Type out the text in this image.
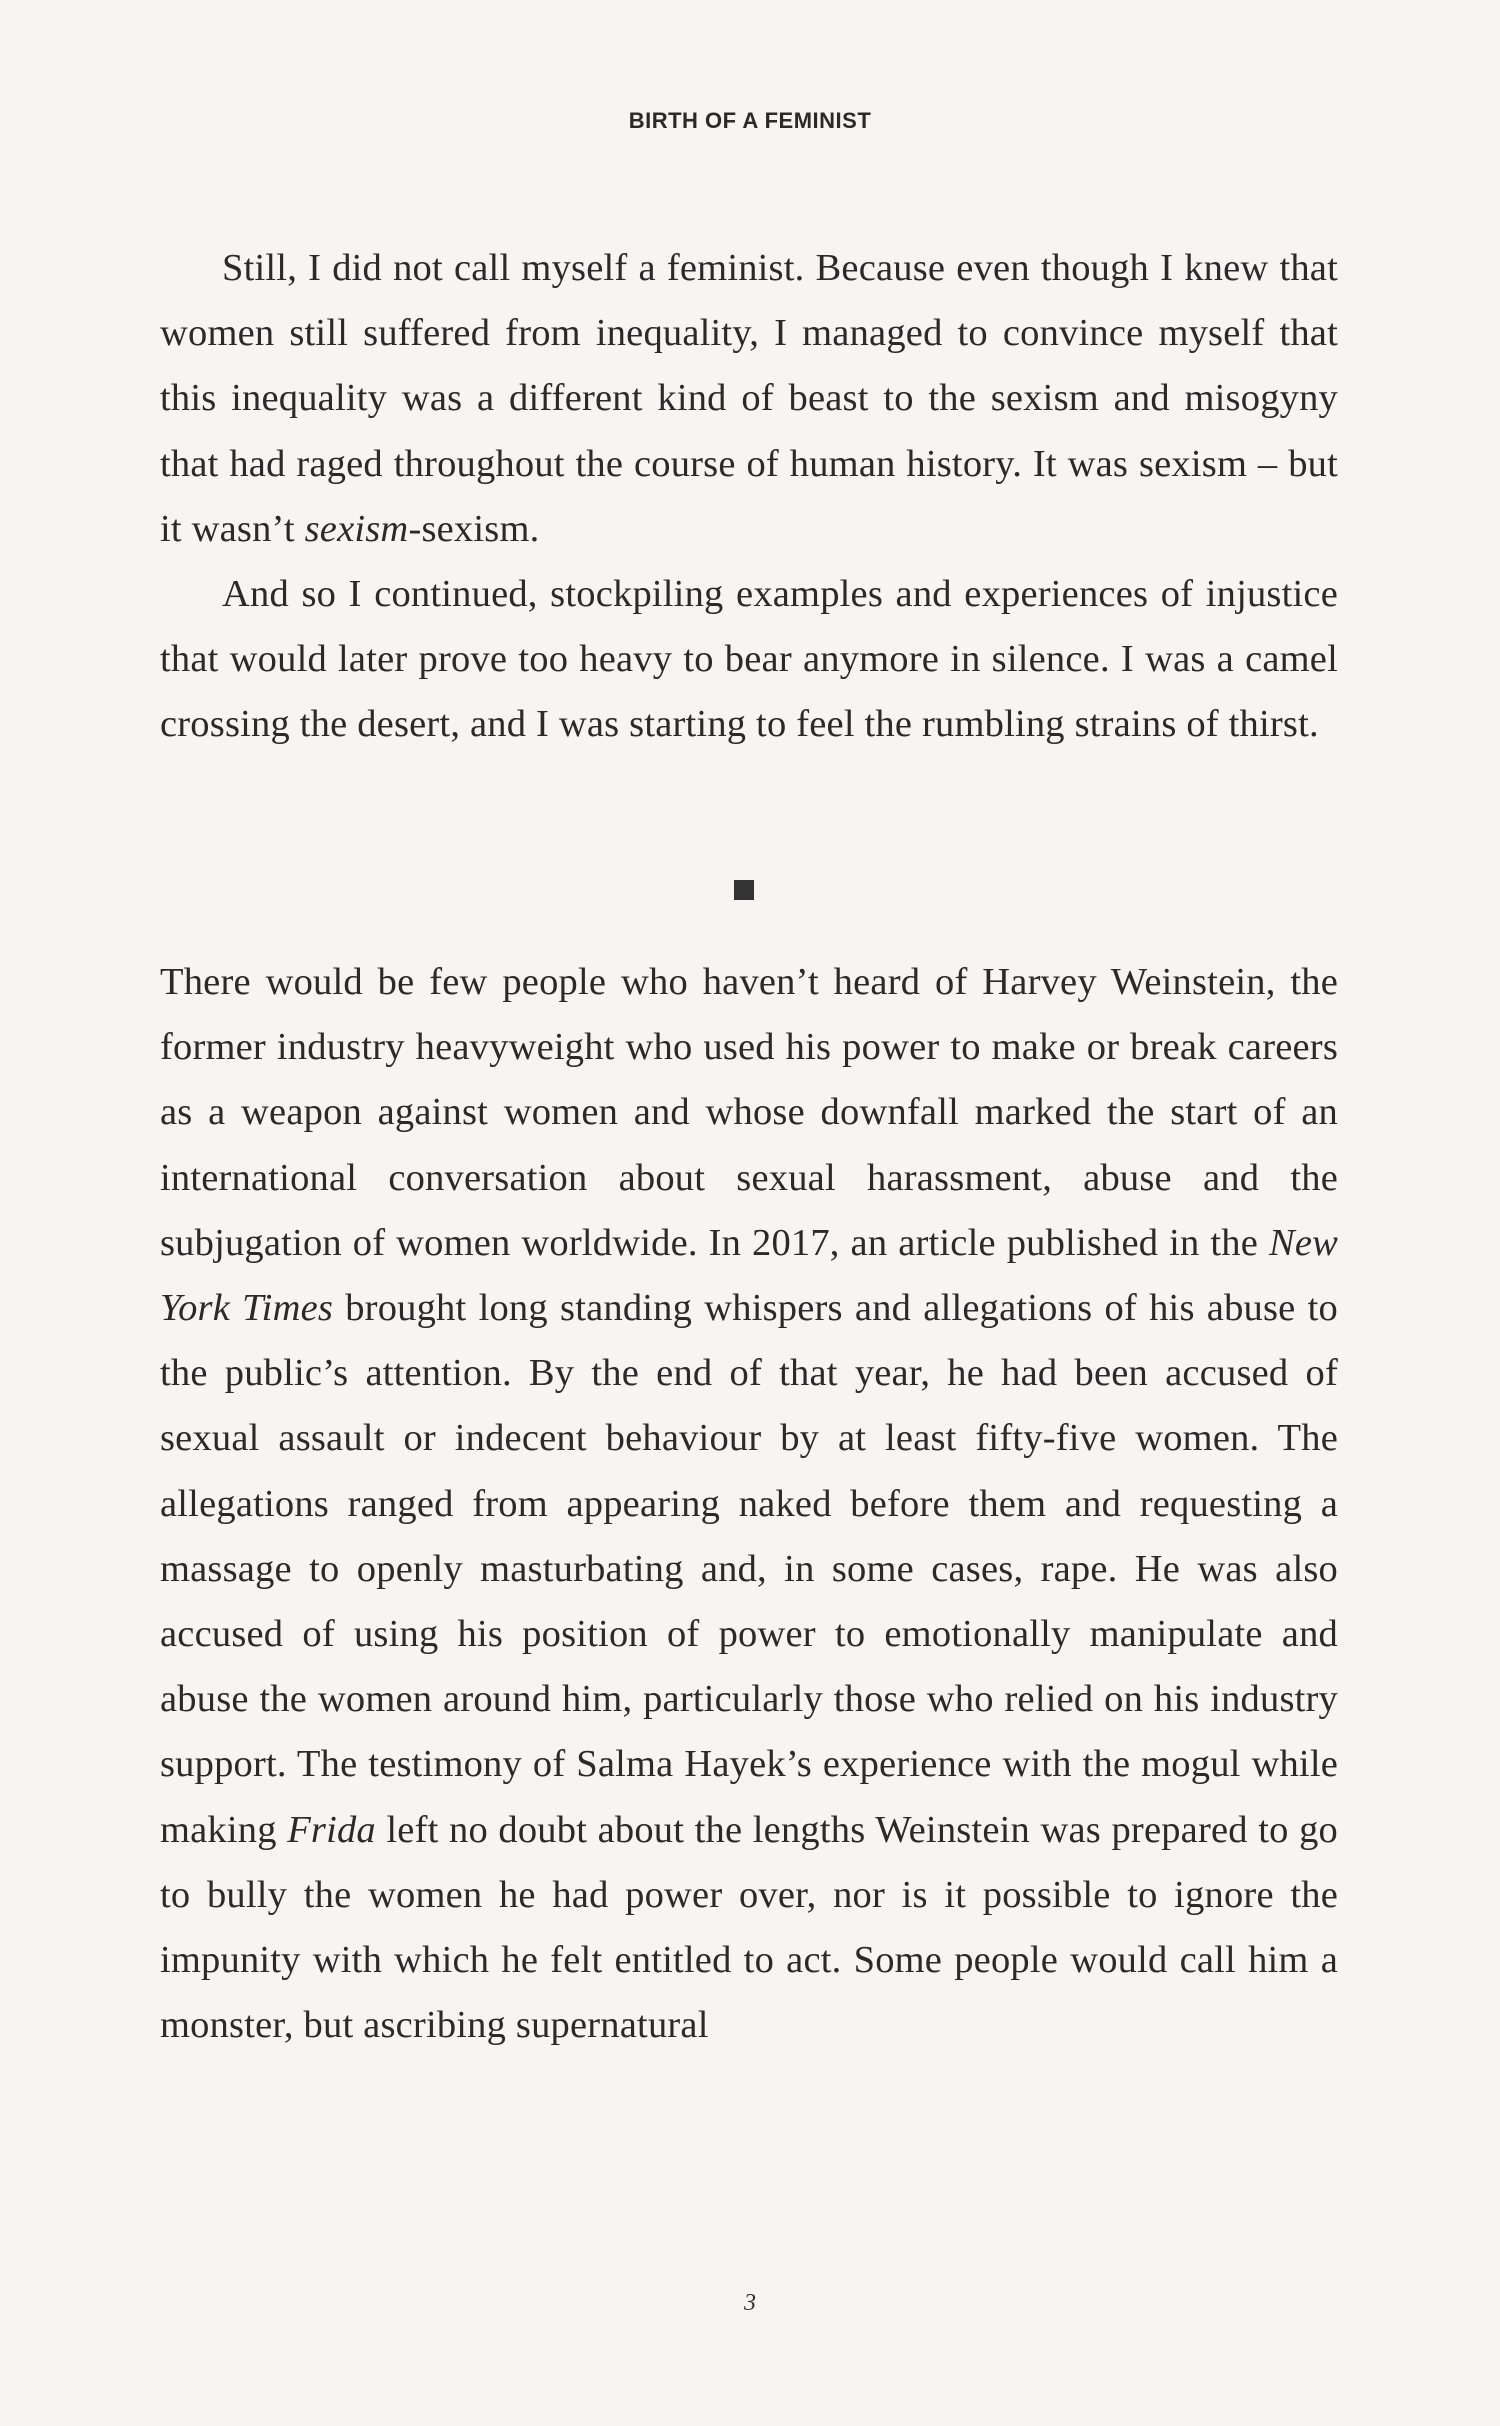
BIRTH OF A FEMINIST

Still, I did not call myself a feminist. Because even though I knew that women still suffered from inequality, I managed to convince myself that this inequality was a different kind of beast to the sexism and misogyny that had raged throughout the course of human history. It was sexism – but it wasn’t sexism-sexism.

And so I continued, stockpiling examples and experiences of injustice that would later prove too heavy to bear anymore in silence. I was a camel crossing the desert, and I was starting to feel the rumbling strains of thirst.

There would be few people who haven’t heard of Harvey Weinstein, the former industry heavyweight who used his power to make or break careers as a weapon against women and whose downfall marked the start of an international conversation about sexual harassment, abuse and the subjugation of women worldwide. In 2017, an article published in the New York Times brought long standing whispers and allegations of his abuse to the public’s attention. By the end of that year, he had been accused of sexual assault or indecent behaviour by at least fifty-five women. The allegations ranged from appearing naked before them and requesting a massage to openly masturbating and, in some cases, rape. He was also accused of using his position of power to emotionally manipulate and abuse the women around him, particularly those who relied on his industry support. The testimony of Salma Hayek’s experience with the mogul while making Frida left no doubt about the lengths Weinstein was prepared to go to bully the women he had power over, nor is it possible to ignore the impunity with which he felt entitled to act. Some people would call him a monster, but ascribing supernatural

3
